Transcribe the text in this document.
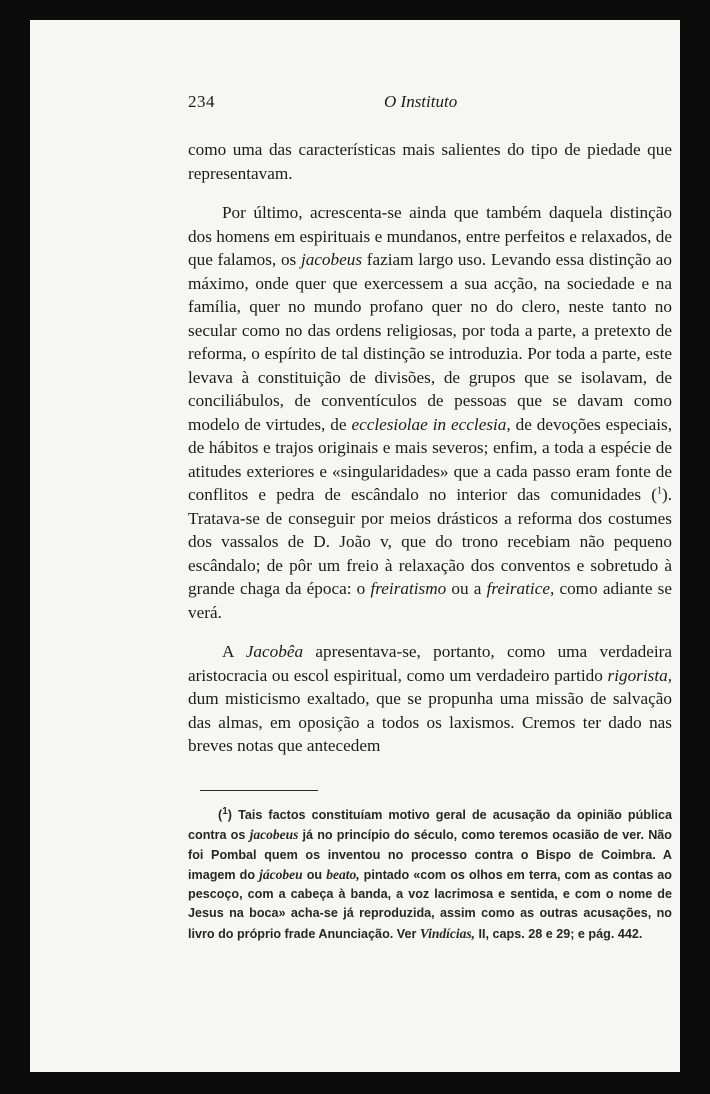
234	O Instituto

como uma das características mais salientes do tipo de piedade que representavam.

Por último, acrescenta-se ainda que também daquela distinção dos homens em espirituais e mundanos, entre perfeitos e relaxados, de que falamos, os jacobeus faziam largo uso. Levando essa distinção ao máximo, onde quer que exercessem a sua acção, na sociedade e na família, quer no mundo profano quer no do clero, neste tanto no secular como no das ordens religiosas, por toda a parte, a pretexto de reforma, o espírito de tal distinção se introduzia. Por toda a parte, este levava à constituição de divisões, de grupos que se isolavam, de conciliábulos, de conventículos de pessoas que se davam como modelo de virtudes, de ecclesiolae in ecclesia, de devoções especiais, de hábitos e trajos originais e mais severos; enfim, a toda a espécie de atitudes exteriores e «singularidades» que a cada passo eram fonte de conflitos e pedra de escândalo no interior das comunidades ($^1$). Tratava-se de conseguir por meios drásticos a reforma dos costumes dos vassalos de D. João v, que do trono recebiam não pequeno escândalo; de pôr um freio à relaxação dos conventos e sobretudo à grande chaga da época: o freiratismo ou a freiratice, como adiante se verá.

A Jacobêa apresentava-se, portanto, como uma verdadeira aristocracia ou escol espiritual, como um verdadeiro partido rigorista, dum misticismo exaltado, que se propunha uma missão de salvação das almas, em oposição a todos os laxismos. Cremos ter dado nas breves notas que antecedem

($^1$) Tais factos constituíam motivo geral de acusação da opinião pública contra os jacobeus já no princípio do século, como teremos ocasião de ver. Não foi Pombal quem os inventou no processo contra o Bispo de Coimbra. A imagem do jácobeu ou beato, pintado «com os olhos em terra, com as contas ao pescoço, com a cabeça à banda, a voz lacrimosa e sentida, e com o nome de Jesus na boca» acha-se já reproduzida, assim como as outras acusações, no livro do próprio frade Anunciação. Ver Vindícias, II, caps. 28 e 29; e pág. 442.
